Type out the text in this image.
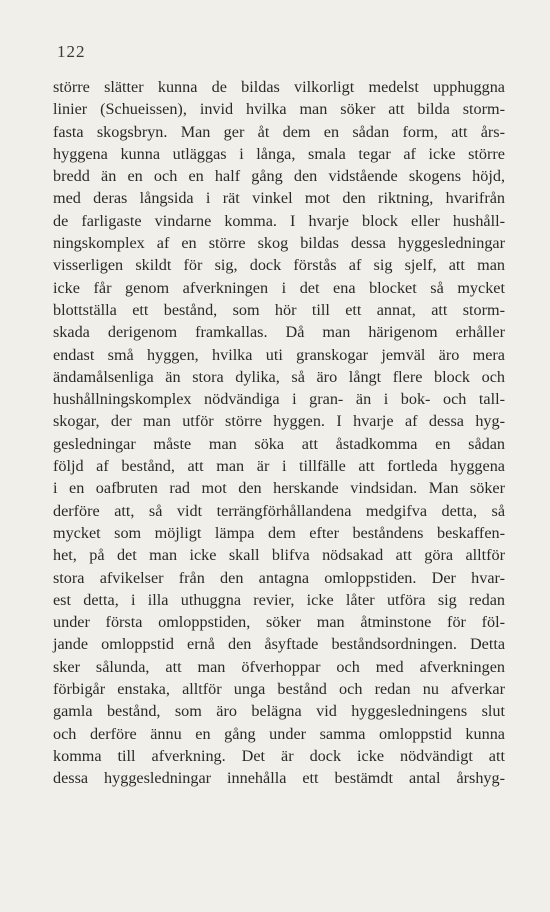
122
större slätter kunna de bildas vilkorligt medelst upphuggna
linier (Schueissen), invid hvilka man söker att bilda storm-
fasta skogsbryn. Man ger åt dem en sådan form, att års-
hyggena kunna utläggas i långa, smala tegar af icke större
bredd än en och en half gång den vidstående skogens höjd,
med deras långsida i rät vinkel mot den riktning, hvarifrån
de farligaste vindarne komma. I hvarje block eller hushåll-
ningskomplex af en större skog bildas dessa hyggesledningar
visserligen skildt för sig, dock förstås af sig sjelf, att man
icke får genom afverkningen i det ena blocket så mycket
blottställa ett bestånd, som hör till ett annat, att storm-
skada derigenom framkallas. Då man härigenom erhåller
endast små hyggen, hvilka uti granskogar jemväl äro mera
ändamålsenliga än stora dylika, så äro långt flere block och
hushållningskomplex nödvändiga i gran- än i bok- och tall-
skogar, der man utför större hyggen. I hvarje af dessa hyg-
gesledningar måste man söka att åstadkomma en sådan
följd af bestånd, att man är i tillfälle att fortleda hyggena
i en oafbruten rad mot den herskande vindsidan. Man söker
derföre att, så vidt terrängförhållandena medgifva detta, så
mycket som möjligt lämpa dem efter beståndens beskaffen-
het, på det man icke skall blifva nödsakad att göra alltför
stora afvikelser från den antagna omloppstiden. Der hvar-
est detta, i illa uthuggna revier, icke låter utföra sig redan
under första omloppstiden, söker man åtminstone för föl-
jande omloppstid ernå den åsyftade beståndsordningen. Detta
sker sålunda, att man öfverhoppar och med afverkningen
förbigår enstaka, alltför unga bestånd och redan nu afverkar
gamla bestånd, som äro belägna vid hyggesledningens slut
och derföre ännu en gång under samma omloppstid kunna
komma till afverkning. Det är dock icke nödvändigt att
dessa hyggesledningar innehålla ett bestämdt antal årshyg-
